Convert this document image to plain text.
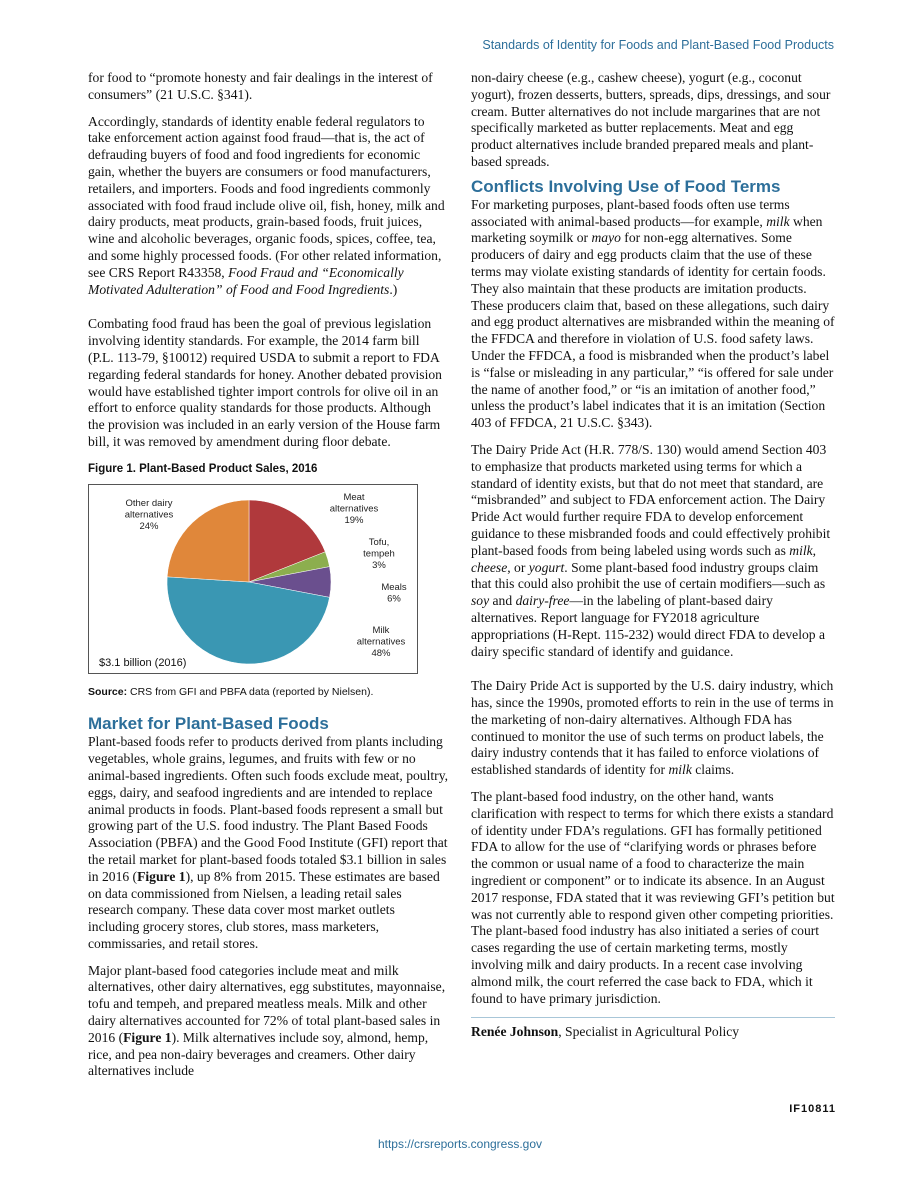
Standards of Identity for Foods and Plant-Based Food Products

for food to “promote honesty and fair dealings in the interest of consumers” (21 U.S.C. §341).

Accordingly, standards of identity enable federal regulators to take enforcement action against food fraud—that is, the act of defrauding buyers of food and food ingredients for economic gain, whether the buyers are consumers or food manufacturers, retailers, and importers. Foods and food ingredients commonly associated with food fraud include olive oil, fish, honey, milk and dairy products, meat products, grain-based foods, fruit juices, wine and alcoholic beverages, organic foods, spices, coffee, tea, and some highly processed foods. (For other related information, see CRS Report R43358, Food Fraud and “Economically Motivated Adulteration” of Food and Food Ingredients.)

Combating food fraud has been the goal of previous legislation involving identity standards. For example, the 2014 farm bill (P.L. 113-79, §10012) required USDA to submit a report to FDA regarding federal standards for honey. Another debated provision would have established tighter import controls for olive oil in an effort to enforce quality standards for those products. Although the provision was included in an early version of the House farm bill, it was removed by amendment during floor debate.

Figure 1. Plant-Based Product Sales, 2016
Meat alternatives 19%
Tofu, tempeh 3%
Meals 6%
Milk alternatives 48%
Other dairy alternatives 24%
$3.1 billion (2016)
Source: CRS from GFI and PBFA data (reported by Nielsen).
Market for Plant-Based Foods

Plant-based foods refer to products derived from plants including vegetables, whole grains, legumes, and fruits with few or no animal-based ingredients. Often such foods exclude meat, poultry, eggs, dairy, and seafood ingredients and are intended to replace animal products in foods. Plant-based foods represent a small but growing part of the U.S. food industry. The Plant Based Foods Association (PBFA) and the Good Food Institute (GFI) report that the retail market for plant-based foods totaled $3.1 billion in sales in 2016 (Figure 1), up 8% from 2015. These estimates are based on data commissioned from Nielsen, a leading retail sales research company. These data cover most market outlets including grocery stores, club stores, mass marketers, commissaries, and retail stores.

Major plant-based food categories include meat and milk alternatives, other dairy alternatives, egg substitutes, mayonnaise, tofu and tempeh, and prepared meatless meals. Milk and other dairy alternatives accounted for 72% of total plant-based sales in 2016 (Figure 1). Milk alternatives include soy, almond, hemp, rice, and pea non-dairy beverages and creamers. Other dairy alternatives include

non-dairy cheese (e.g., cashew cheese), yogurt (e.g., coconut yogurt), frozen desserts, butters, spreads, dips, dressings, and sour cream. Butter alternatives do not include margarines that are not specifically marketed as butter replacements. Meat and egg product alternatives include branded prepared meals and plant-based spreads.

Conflicts Involving Use of Food Terms

For marketing purposes, plant-based foods often use terms associated with animal-based products—for example, milk when marketing soymilk or mayo for non-egg alternatives. Some producers of dairy and egg products claim that the use of these terms may violate existing standards of identity for certain foods. They also maintain that these products are imitation products. These producers claim that, based on these allegations, such dairy and egg product alternatives are misbranded within the meaning of the FFDCA and therefore in violation of U.S. food safety laws. Under the FFDCA, a food is misbranded when the product’s label is “false or misleading in any particular,” “is offered for sale under the name of another food,” or “is an imitation of another food,” unless the product’s label indicates that it is an imitation (Section 403 of FFDCA, 21 U.S.C. §343).

The Dairy Pride Act (H.R. 778/S. 130) would amend Section 403 to emphasize that products marketed using terms for which a standard of identity exists, but that do not meet that standard, are “misbranded” and subject to FDA enforcement action. The Dairy Pride Act would further require FDA to develop enforcement guidance to these misbranded foods and could effectively prohibit plant-based foods from being labeled using words such as milk, cheese, or yogurt. Some plant-based food industry groups claim that this could also prohibit the use of certain modifiers—such as soy and dairy-free—in the labeling of plant-based dairy alternatives. Report language for FY2018 agriculture appropriations (H-Rept. 115-232) would direct FDA to develop a dairy specific standard of identify and guidance.

The Dairy Pride Act is supported by the U.S. dairy industry, which has, since the 1990s, promoted efforts to rein in the use of terms in the marketing of non-dairy alternatives. Although FDA has continued to monitor the use of such terms on product labels, the dairy industry contends that it has failed to enforce violations of established standards of identity for milk claims.

The plant-based food industry, on the other hand, wants clarification with respect to terms for which there exists a standard of identity under FDA’s regulations. GFI has formally petitioned FDA to allow for the use of “clarifying words or phrases before the common or usual name of a food to characterize the main ingredient or component” or to indicate its absence. In an August 2017 response, FDA stated that it was reviewing GFI’s petition but was not currently able to respond given other competing priorities. The plant-based food industry has also initiated a series of court cases regarding the use of certain marketing terms, mostly involving milk and dairy products. In a recent case involving almond milk, the court referred the case back to FDA, which it found to have primary jurisdiction.

Renée Johnson, Specialist in Agricultural Policy
IF10811
https://crsreports.congress.gov
